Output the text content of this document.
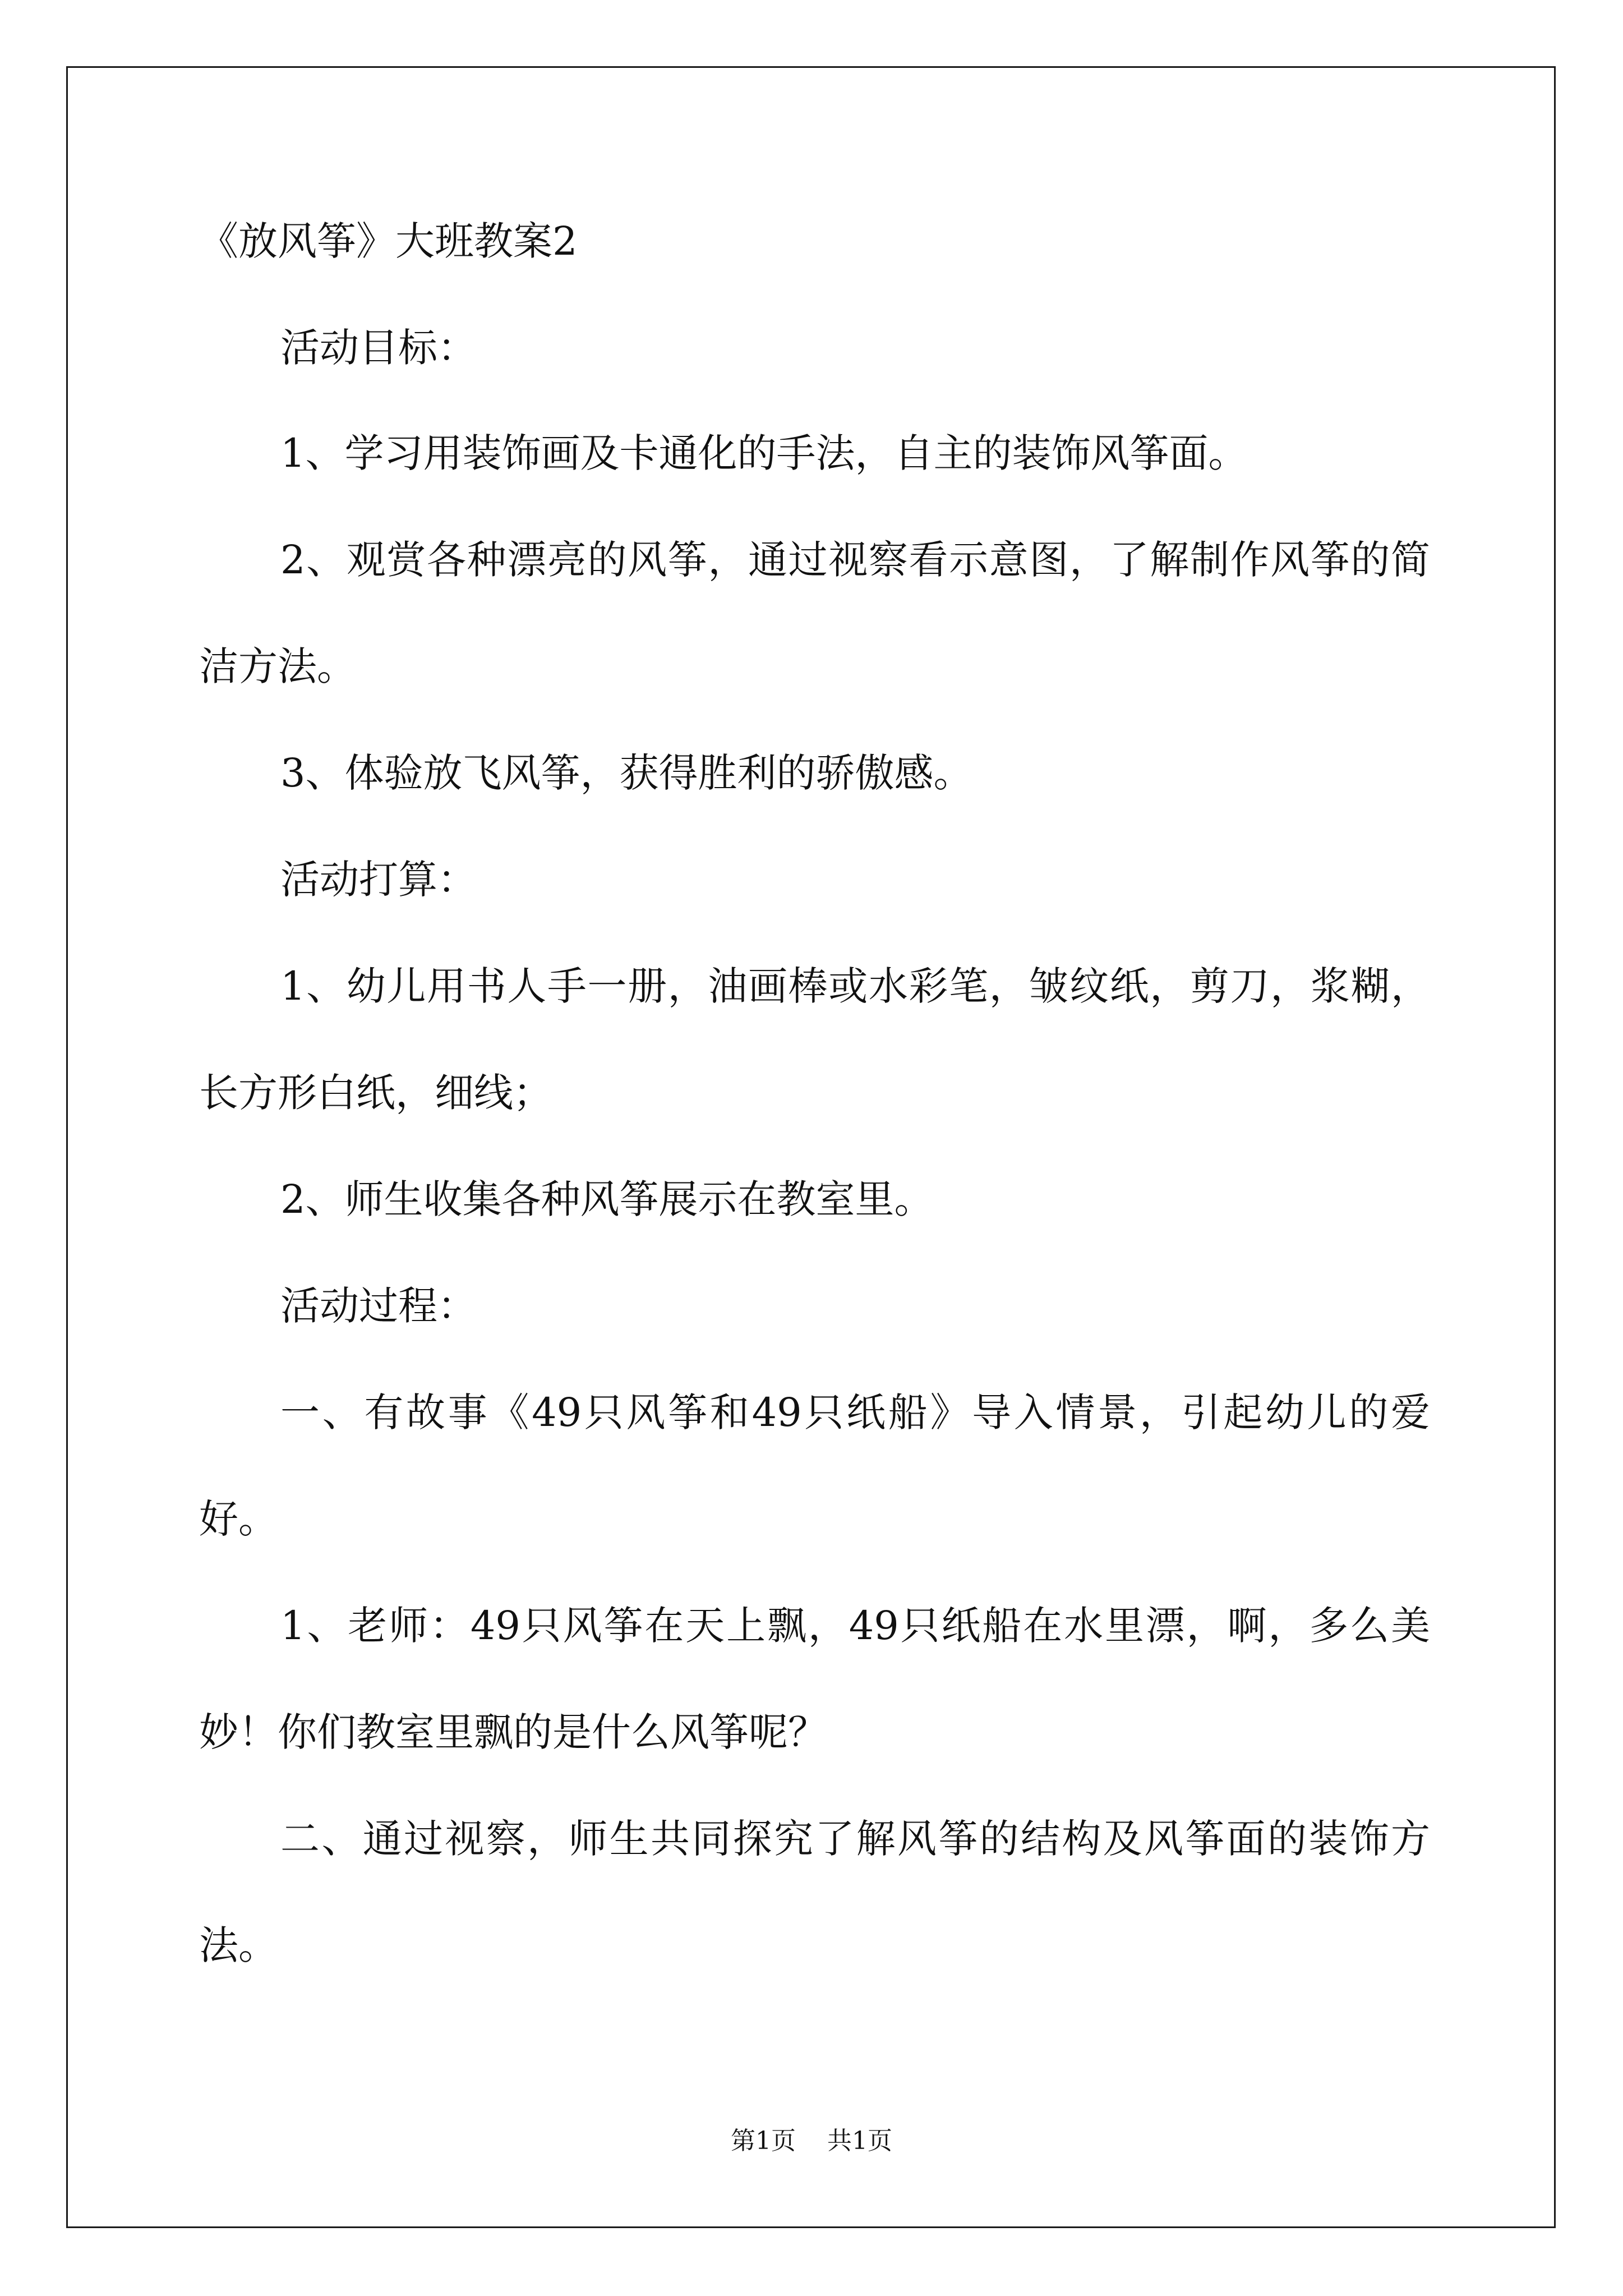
《放风筝》大班教案2
活动目标：
1、学习用装饰画及卡通化的手法，自主的装饰风筝面。
2、观赏各种漂亮的风筝，通过视察看示意图，了解制作风筝的简
洁方法。
3、体验放飞风筝，获得胜利的骄傲感。
活动打算：
1、幼儿用书人手一册，油画棒或水彩笔，皱纹纸，剪刀，浆糊，
长方形白纸，细线；
2、师生收集各种风筝展示在教室里。
活动过程：
一、有故事《49只风筝和49只纸船》导入情景，引起幼儿的爱
好。
1、老师：49只风筝在天上飘，49只纸船在水里漂，啊，多么美
妙！你们教室里飘的是什么风筝呢？
二、通过视察，师生共同探究了解风筝的结构及风筝面的装饰方
法。
第1页 共1页
